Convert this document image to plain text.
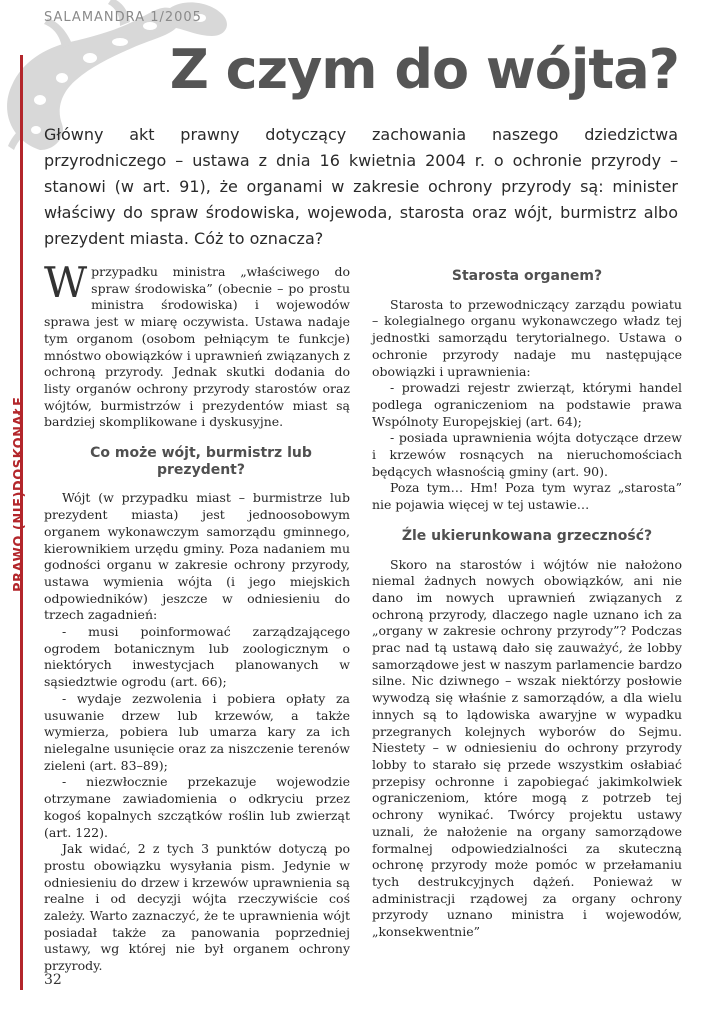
SALAMANDRA 1/2005
Z czym do wójta?

Główny akt prawny dotyczący zachowania naszego dziedzictwa przyrodniczego – ustawa z dnia 16 kwietnia 2004 r. o ochronie przyrody – stanowi (w art. 91), że organami w zakresie ochrony przyrody są: minister właściwy do spraw środowiska, wojewoda, starosta oraz wójt, burmistrz albo prezydent miasta. Cóż to oznacza?

PRAWO (NIE)DOSKONAŁE

Wprzypadku ministra „właściwego do spraw środowiska” (obecnie – po prostu ministra środowiska) i wojewodów sprawa jest w miarę oczywista. Ustawa nadaje tym organom (osobom pełniącym te funkcje) mnóstwo obowiązków i uprawnień związanych z ochroną przyrody. Jednak skutki dodania do listy organów ochrony przyrody starostów oraz wójtów, burmistrzów i prezydentów miast są bardziej skomplikowane i dyskusyjne.

Co może wójt, burmistrz lub prezydent?

Wójt (w przypadku miast – burmistrze lub prezydent miasta) jest jednoosobowym organem wykonawczym samorządu gminnego, kierownikiem urzędu gminy. Poza nadaniem mu godności organu w zakresie ochrony przyrody, ustawa wymienia wójta (i jego miejskich odpowiedników) jeszcze w odniesieniu do trzech zagadnień:

- musi poinformować zarządzającego ogrodem botanicznym lub zoologicznym o niektórych inwestycjach planowanych w sąsiedztwie ogrodu (art. 66);

- wydaje zezwolenia i pobiera opłaty za usuwanie drzew lub krzewów, a także wymierza, pobiera lub umarza kary za ich nielegalne usunięcie oraz za niszczenie terenów zieleni (art. 83–89);

- niezwłocznie przekazuje wojewodzie otrzymane zawiadomienia o odkryciu przez kogoś kopalnych szczątków roślin lub zwierząt (art. 122).

Jak widać, 2 z tych 3 punktów dotyczą po prostu obowiązku wysyłania pism. Jedynie w odniesieniu do drzew i krzewów uprawnienia są realne i od decyzji wójta rzeczywiście coś zależy. Warto zaznaczyć, że te uprawnienia wójt posiadał także za panowania poprzedniej ustawy, wg której nie był organem ochrony przyrody.

Starosta organem?

Starosta to przewodniczący zarządu powiatu – kolegialnego organu wykonawczego władz tej jednostki samorządu terytorialnego. Ustawa o ochronie przyrody nadaje mu następujące obowiązki i uprawnienia:

- prowadzi rejestr zwierząt, którymi handel podlega ograniczeniom na podstawie prawa Wspólnoty Europejskiej (art. 64);

- posiada uprawnienia wójta dotyczące drzew i krzewów rosnących na nieruchomościach będących własnością gminy (art. 90).

Poza tym… Hm! Poza tym wyraz „starosta” nie pojawia więcej w tej ustawie…

Źle ukierunkowana grzeczność?

Skoro na starostów i wójtów nie nałożono niemal żadnych nowych obowiązków, ani nie dano im nowych uprawnień związanych z ochroną przyrody, dlaczego nagle uznano ich za „organy w zakresie ochrony przyrody”? Podczas prac nad tą ustawą dało się zauważyć, że lobby samorządowe jest w naszym parlamencie bardzo silne. Nic dziwnego – wszak niektórzy posłowie wywodzą się właśnie z samorządów, a dla wielu innych są to lądowiska awaryjne w wypadku przegranych kolejnych wyborów do Sejmu. Niestety – w odniesieniu do ochrony przyrody lobby to starało się przede wszystkim osłabiać przepisy ochronne i zapobiegać jakimkolwiek ograniczeniom, które mogą z potrzeb tej ochrony wynikać. Twórcy projektu ustawy uznali, że nałożenie na organy samorządowe formalnej odpowiedzialności za skuteczną ochronę przyrody może pomóc w przełamaniu tych destrukcyjnych dążeń. Ponieważ w administracji rządowej za organy ochrony przyrody uznano ministra i wojewodów, „konsekwentnie”

32
